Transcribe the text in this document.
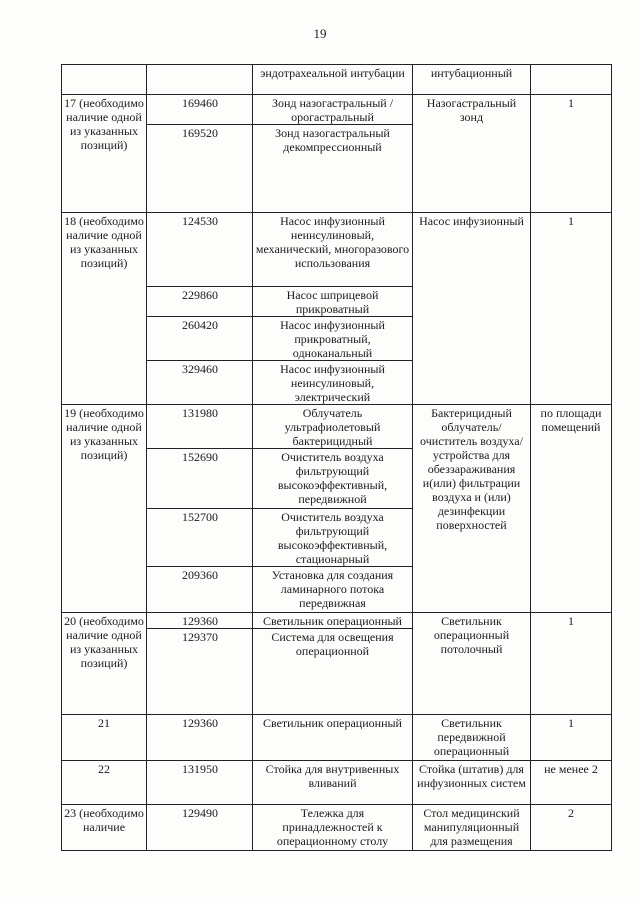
19
		эндотрахеальной интубации	интубационный	
17 (необходимо наличие одной из указанных позиций)	169460	Зонд назогастральный / орогастральный	Назогастральный зонд	1
	169520	Зонд назогастральный декомпрессионный		
18 (необходимо наличие одной из указанных позиций)	124530	Насос инфузионный неинсулиновый, механический, многоразового использования	Насос инфузионный	1
	229860	Насос шприцевой прикроватный		
	260420	Насос инфузионный прикроватный, одноканальный		
	329460	Насос инфузионный неинсулиновый, электрический		
19 (необходимо наличие одной из указанных позиций)	131980	Облучатель ультрафиолетовый бактерицидный	Бактерицидный облучатель/ очиститель воздуха/ устройства для обеззараживания и(или) фильтрации воздуха и (или) дезинфекции поверхностей	по площади помещений
	152690	Очиститель воздуха фильтрующий высокоэффективный, передвижной		
	152700	Очиститель воздуха фильтрующий высокоэффективный, стационарный		
	209360	Установка для создания ламинарного потока передвижная		
20 (необходимо наличие одной из указанных позиций)	129360	Светильник операционный	Светильник операционный потолочный	1
	129370	Система для освещения операционной		
21	129360	Светильник операционный	Светильник передвижной операционный	1
22	131950	Стойка для внутривенных вливаний	Стойка (штатив) для инфузионных систем	не менее 2
23 (необходимо наличие	129490	Тележка для принадлежностей к операционному столу	Стол медицинский манипуляционный для размещения	2
